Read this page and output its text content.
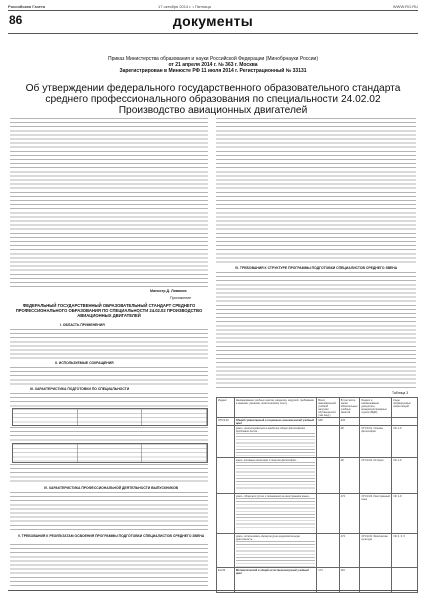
Российская Газета	17 октября 2014 г. • Пятница	WWW.RG.RU
86	документы
Приказ Министерства образования и науки Российской Федерации (Минобрнауки России)
от 21 апреля 2014 г. № 363 г. Москва
Зарегистрирован в Минюсте РФ 11 июля 2014 г. Регистрационный № 33131
Об утверждении федерального государственного образовательного стандарта среднего профессионального образования по специальности 24.02.02 Производство авиационных двигателей
Министр Д. Ливанов
Приложение
ФЕДЕРАЛЬНЫЙ ГОСУДАРСТВЕННЫЙ ОБРАЗОВАТЕЛЬНЫЙ СТАНДАРТ СРЕДНЕГО ПРОФЕССИОНАЛЬНОГО ОБРАЗОВАНИЯ ПО СПЕЦИАЛЬНОСТИ 24.02.02 ПРОИЗВОДСТВО АВИАЦИОННЫХ ДВИГАТЕЛЕЙ
I. ОБЛАСТЬ ПРИМЕНЕНИЯ
II. ИСПОЛЬЗУЕМЫЕ СОКРАЩЕНИЯ
III. ХАРАКТЕРИСТИКА ПОДГОТОВКИ ПО СПЕЦИАЛЬНОСТИ
IV. ХАРАКТЕРИСТИКА ПРОФЕССИОНАЛЬНОЙ ДЕЯТЕЛЬНОСТИ ВЫПУСКНИКОВ
V. ТРЕБОВАНИЯ К РЕЗУЛЬТАТАМ ОСВОЕНИЯ ПРОГРАММЫ ПОДГОТОВКИ СПЕЦИАЛИСТОВ СРЕДНЕГО ЗВЕНА
VI. ТРЕБОВАНИЯ К СТРУКТУРЕ ПРОГРАММЫ ПОДГОТОВКИ СПЕЦИАЛИСТОВ СРЕДНЕГО ЗВЕНА
Таблица 3
Индекс	Наименование учебных циклов, разделов, модулей, требования к знаниям, умениям, практическому опыту	Всего максимальной учебной нагрузки обучающегося (час./нед.)	В том числе часов обязательных учебных занятий	Индекс и наименование дисциплин, междисциплинарных курсов (МДК)	Коды формируемых компетенций
ОГСЭ.00	Общий гуманитарный и социально-экономический учебный цикл	648	432		

	уметь: ориентироваться в наиболее общих философских проблемах бытия...		48	ОГСЭ.01. Основы философии	ОК 1-9

	знать: основные категории и понятия философии...		48	ОГСЭ.02. История	ОК 1-9

	уметь: общаться (устно и письменно) на иностранном языке...		172	ОГСЭ.03. Иностранный язык	ОК 1-9

	уметь: использовать физкультурно-оздоровительную деятельность...		172	ОГСЭ.04. Физическая культура	ОК 2, 3, 6
ЕН.00	Математический и общий естественнонаучный учебный цикл	174	116		
